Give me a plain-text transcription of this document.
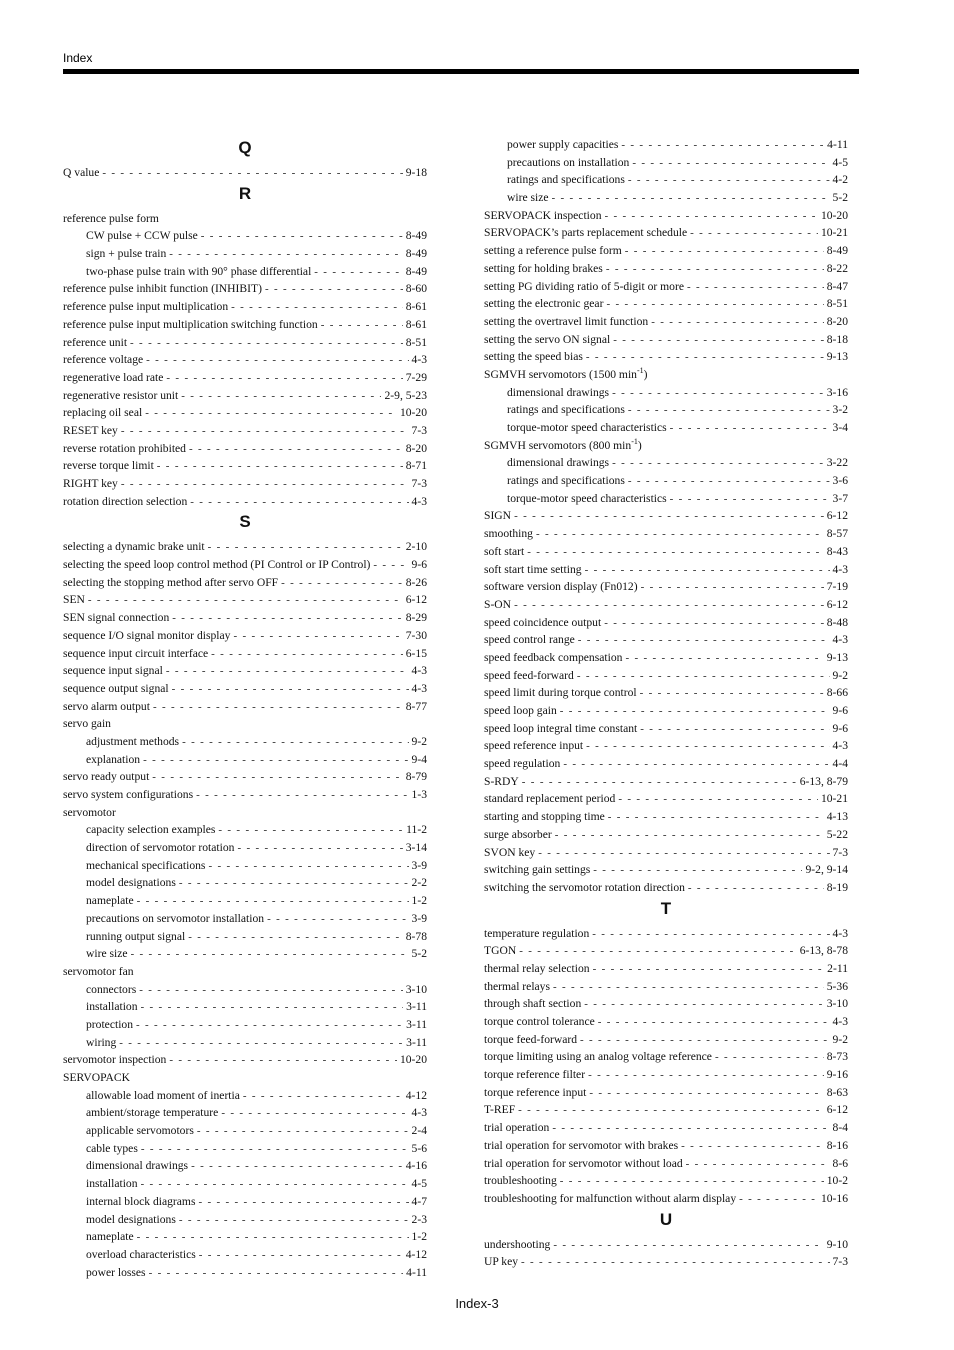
Index
Q
Q value - - -	9-18
R
reference pulse form
CW pulse + CCW pulse - - -	8-49
sign + pulse train - - -	8-49
two-phase pulse train with 90° phase differential - - -	8-49
reference pulse inhibit function (INHIBIT) - - -	8-60
reference pulse input multiplication - - -	8-61
reference pulse input multiplication switching function - - -	8-61
reference unit - - -	8-51
reference voltage - - -	4-3
regenerative load rate - - -	7-29
regenerative resistor unit - - -	2-9, 5-23
replacing oil seal - - -	10-20
RESET key - - -	7-3
reverse rotation prohibited - - -	8-20
reverse torque limit - - -	8-71
RIGHT key - - -	7-3
rotation direction selection - - -	4-3
S
selecting a dynamic brake unit - - -	2-10
selecting the speed loop control method (PI Control or IP Control) - - -	9-6
selecting the stopping method after servo OFF - - -	8-26
SEN - - -	6-12
SEN signal connection - - -	8-29
sequence I/O signal monitor display - - -	7-30
sequence input circuit interface - - -	6-15
sequence input signal - - -	4-3
sequence output signal - - -	4-3
servo alarm output - - -	8-77
servo gain
adjustment methods - - -	9-2
explanation - - -	9-4
servo ready output - - -	8-79
servo system configurations - - -	1-3
servomotor
capacity selection examples - - -	11-2
direction of servomotor rotation - - -	3-14
mechanical specifications - - -	3-9
model designations - - -	2-2
nameplate - - -	1-2
precautions on servomotor installation - - -	3-9
running output signal - - -	8-78
wire size - - -	5-2
servomotor fan
connectors - - -	3-10
installation - - -	3-11
protection - - -	3-11
wiring - - -	3-11
servomotor inspection - - -	10-20
SERVOPACK
allowable load moment of inertia - - -	4-12
ambient/storage temperature - - -	4-3
applicable servomotors - - -	2-4
cable types - - -	5-6
dimensional drawings - - -	4-16
installation - - -	4-5
internal block diagrams - - -	4-7
model designations - - -	2-3
nameplate - - -	1-2
overload characteristics - - -	4-12
power losses - - -	4-11
power supply capacities - - -	4-11
precautions on installation - - -	4-5
ratings and specifications - - -	4-2
wire size - - -	5-2
SERVOPACK inspection - - -	10-20
SERVOPACK’s parts replacement schedule - - -	10-21
setting a reference pulse form - - -	8-49
setting for holding brakes - - -	8-22
setting PG dividing ratio of 5-digit or more - - -	8-47
setting the electronic gear - - -	8-51
setting the overtravel limit function - - -	8-20
setting the servo ON signal - - -	8-18
setting the speed bias - - -	9-13
SGMVH servomotors (1500 $\min^{-1}$)
dimensional drawings - - -	3-16
ratings and specifications - - -	3-2
torque-motor speed characteristics - - -	3-4
SGMVH servomotors (800 $\min^{-1}$)
dimensional drawings - - -	3-22
ratings and specifications - - -	3-6
torque-motor speed characteristics - - -	3-7
SIGN - - -	6-12
smoothing - - -	8-57
soft start - - -	8-43
soft start time setting - - -	4-3
software version display (Fn012) - - -	7-19
S-ON - - -	6-12
speed coincidence output - - -	8-48
speed control range - - -	4-3
speed feedback compensation - - -	9-13
speed feed-forward - - -	9-2
speed limit during torque control - - -	8-66
speed loop gain - - -	9-6
speed loop integral time constant - - -	9-6
speed reference input - - -	4-3
speed regulation - - -	4-4
S-RDY - - -	6-13, 8-79
standard replacement period - - -	10-21
starting and stopping time - - -	4-13
surge absorber - - -	5-22
SVON key - - -	7-3
switching gain settings - - -	9-2, 9-14
switching the servomotor rotation direction - - -	8-19
T
temperature regulation - - -	4-3
TGON - - -	6-13, 8-78
thermal relay selection - - -	2-11
thermal relays - - -	5-36
through shaft section - - -	3-10
torque control tolerance - - -	4-3
torque feed-forward - - -	9-2
torque limiting using an analog voltage reference - - -	8-73
torque reference filter - - -	9-16
torque reference input - - -	8-63
T-REF - - -	6-12
trial operation - - -	8-4
trial operation for servomotor with brakes - - -	8-16
trial operation for servomotor without load - - -	8-6
troubleshooting - - -	10-2
troubleshooting for malfunction without alarm display - - -	10-16
U
undershooting - - -	9-10
UP key - - -	7-3
Index-3
